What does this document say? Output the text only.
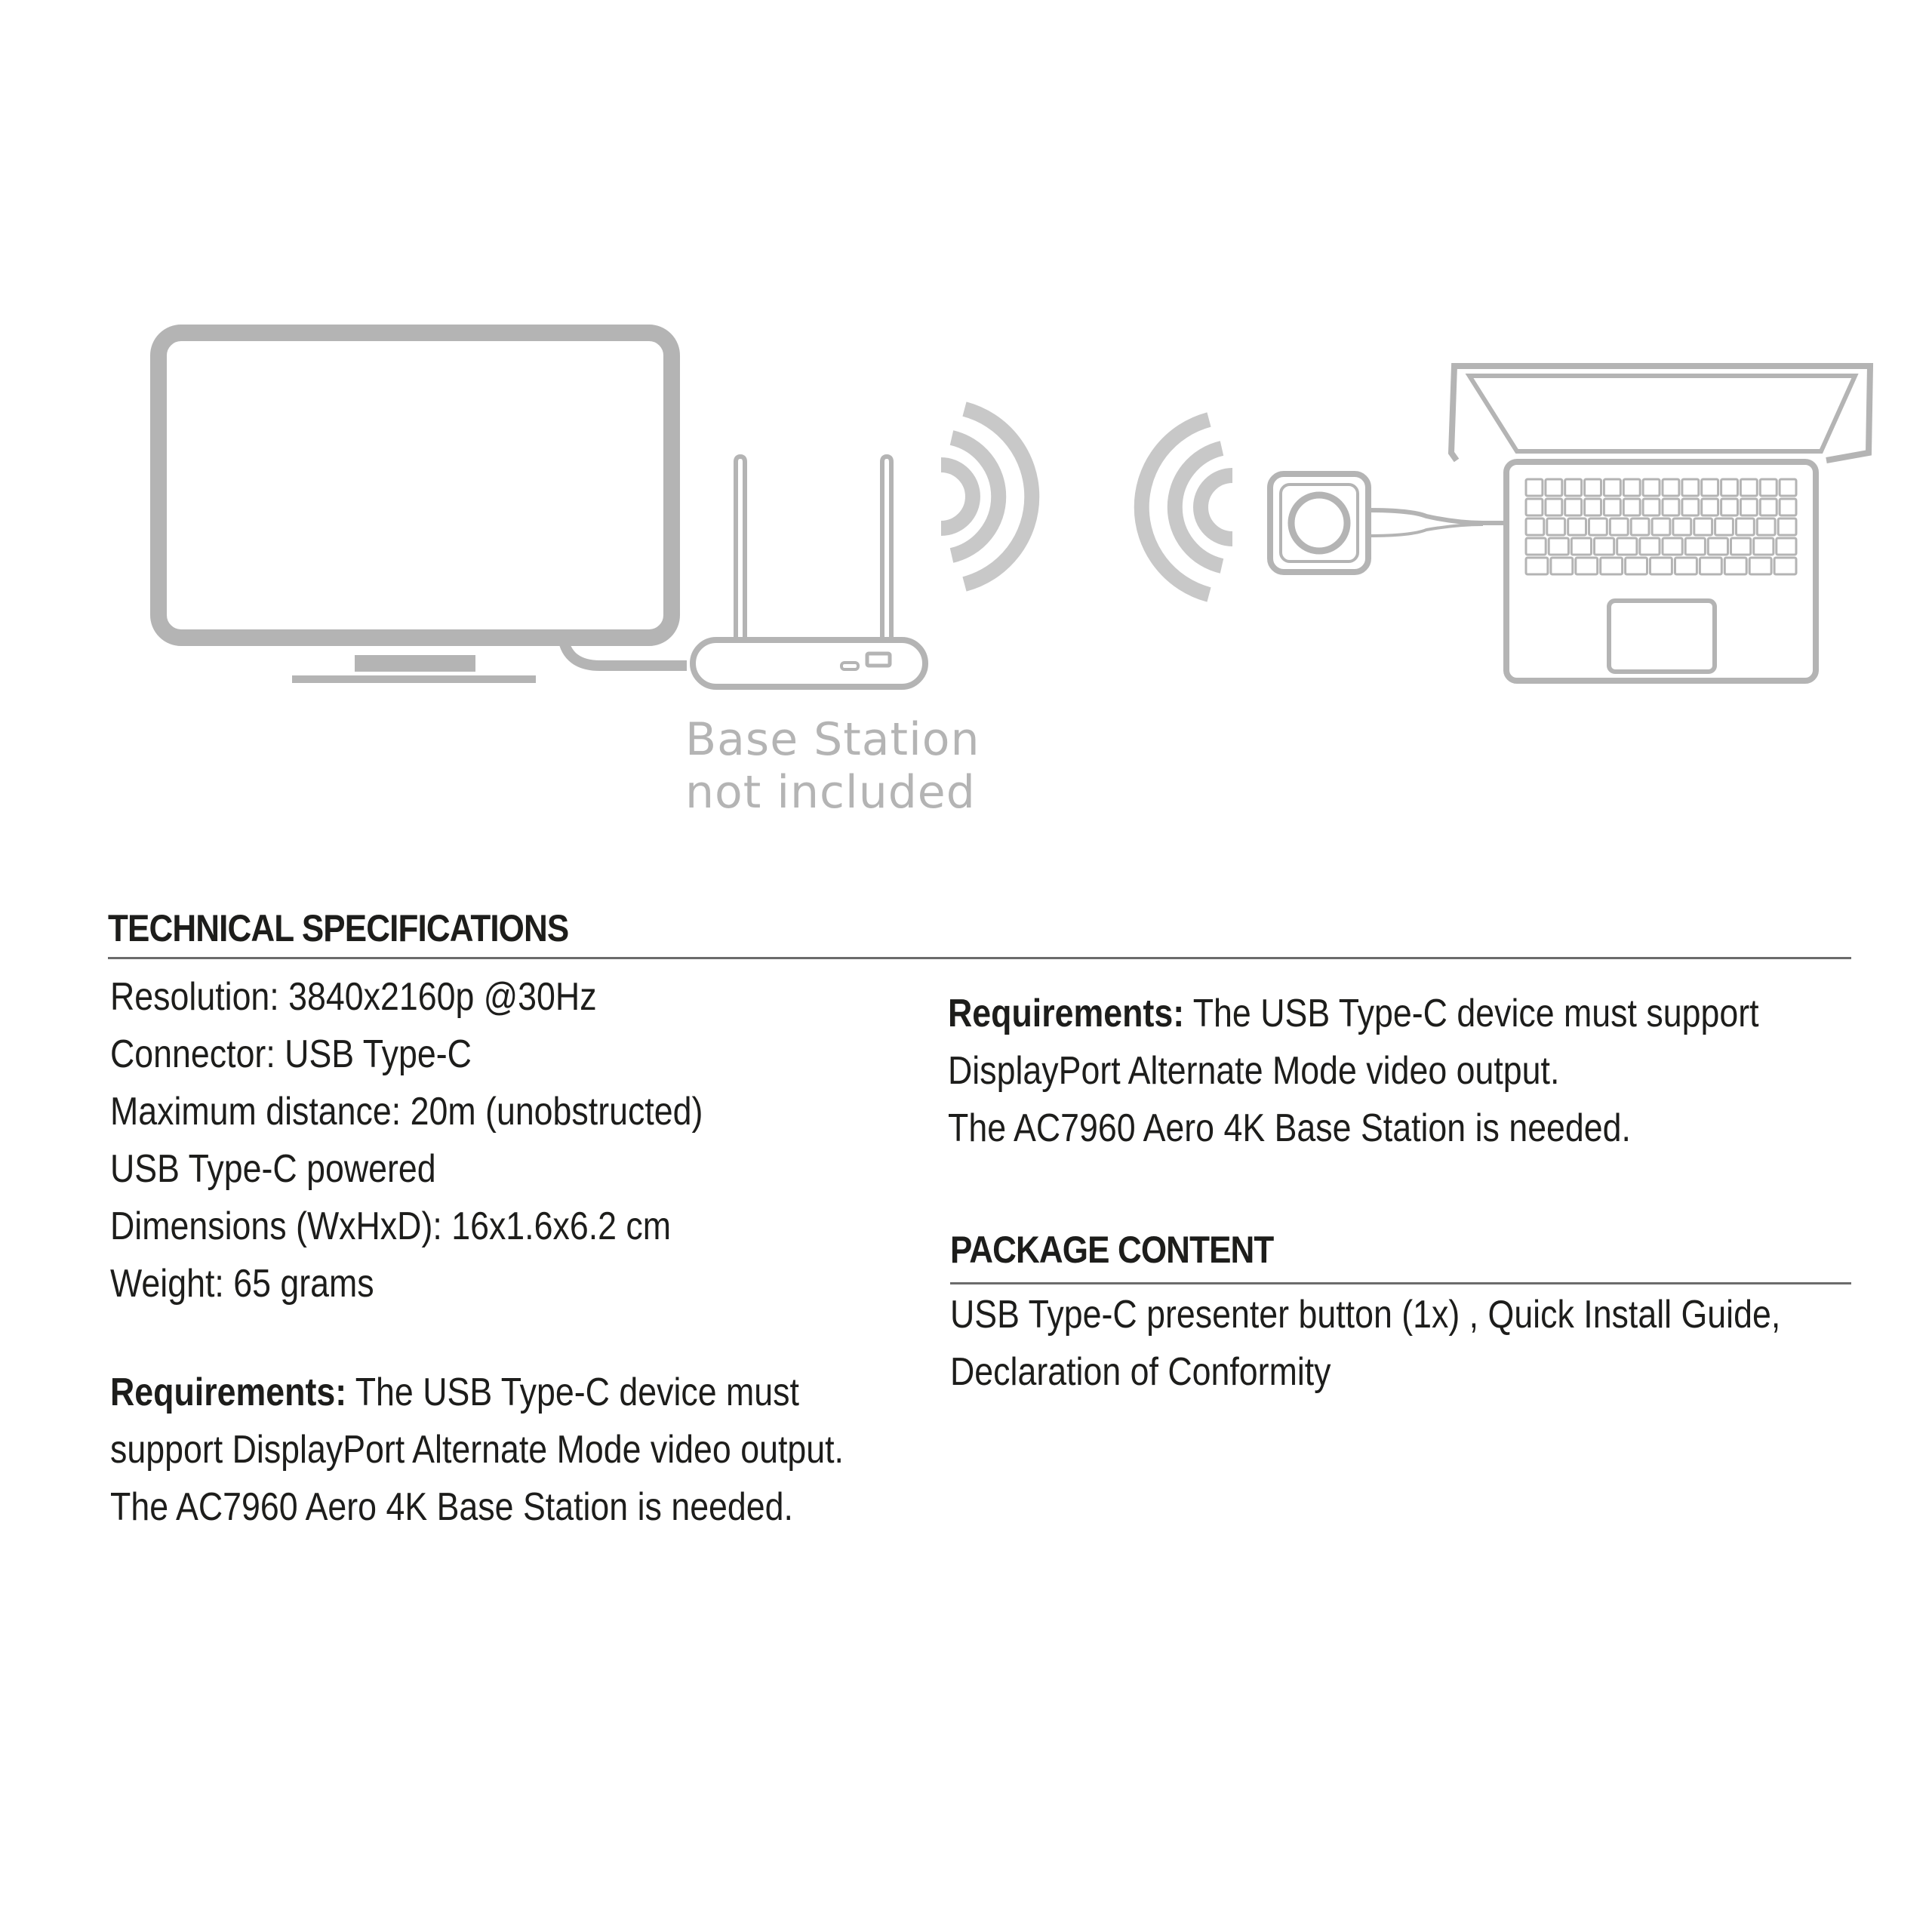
Base Station
not included
TECHNICAL SPECIFICATIONS
Resolution: 3840x2160p @30Hz
Connector: USB Type-C
Maximum distance: 20m (unobstructed)
USB Type-C powered
Dimensions (WxHxD): 16x1.6x6.2 cm
Weight: 65 grams
Requirements: The USB Type-C device must
support DisplayPort Alternate Mode video output.
The AC7960 Aero 4K Base Station is needed.
Requirements: The USB Type-C device must support
DisplayPort Alternate Mode video output.
The AC7960 Aero 4K Base Station is needed.
PACKAGE CONTENT
USB Type-C presenter button (1x) , Quick Install Guide,
Declaration of Conformity
